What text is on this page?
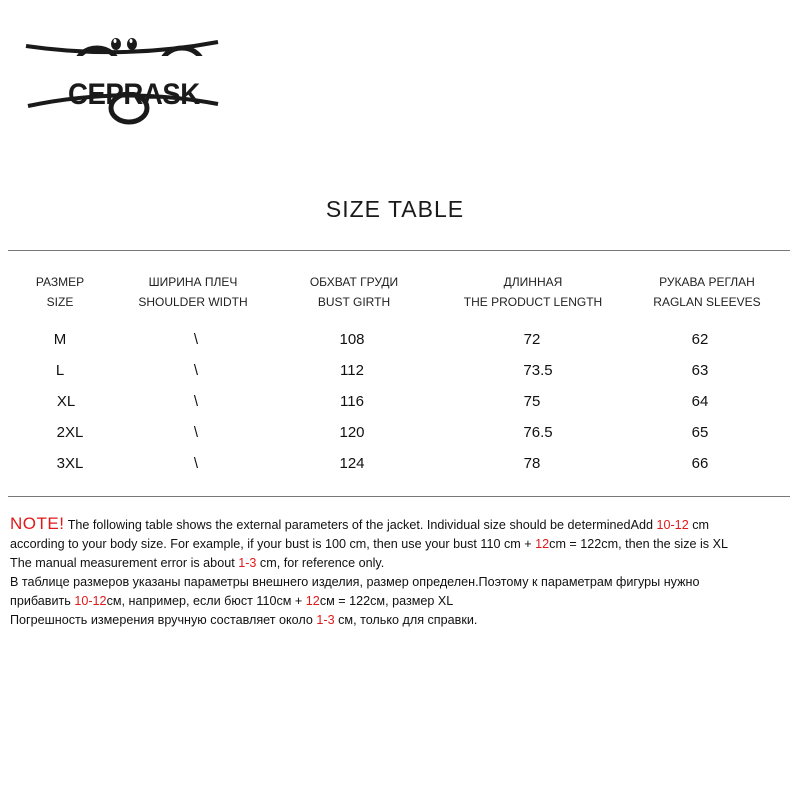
CEPRASK
SIZE TABLE
РАЗМЕР
SIZE
ШИРИНА ПЛЕЧ
SHOULDER WIDTH
ОБХВАТ ГРУДИ
BUST GIRTH
ДЛИННАЯ
THE PRODUCT LENGTH
РУКАВА РЕГЛАН
RAGLAN SLEEVES
M	\	108	72	62
L	\	112	73.5	63
XL	\	116	75	64
2XL	\	120	76.5	65
3XL	\	124	78	66
NOTE! The following table shows the external parameters of the jacket. Individual size should be determinedAdd 10-12 cm
according to your body size. For example, if your bust is 100 cm, then use your bust 110 cm + 12cm = 122cm, then the size is XL
The manual measurement error is about 1-3 cm, for reference only.
В таблице размеров указаны параметры внешнего изделия, размер определен.Поэтому к параметрам фигуры нужно
прибавить 10-12см, например, если бюст 110см + 12см = 122см, размер XL
Погрешность измерения вручную составляет около 1-3 см, только для справки.
